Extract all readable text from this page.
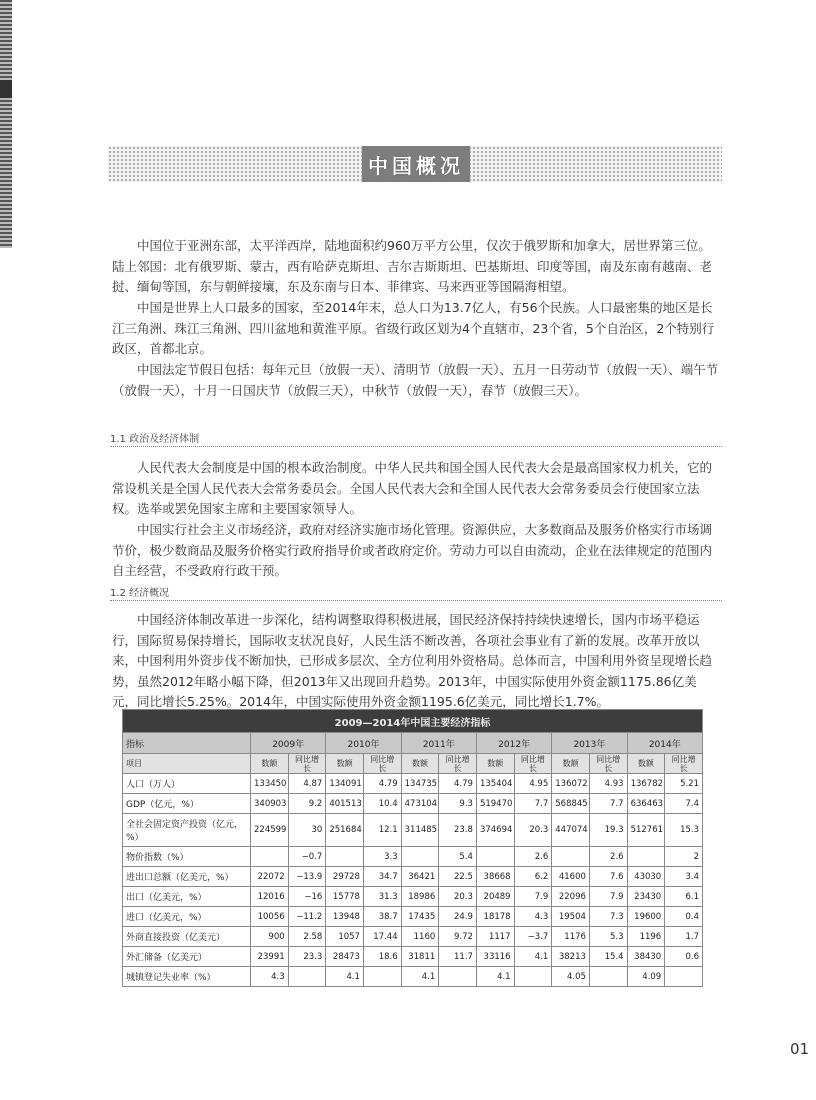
中国概况

中国位于亚洲东部，太平洋西岸，陆地面积约960万平方公里，仅次于俄罗斯和加拿大，居世界第三位。陆上邻国：北有俄罗斯、蒙古，西有哈萨克斯坦、吉尔吉斯斯坦、巴基斯坦、印度等国，南及东南有越南、老挝、缅甸等国，东与朝鲜接壤，东及东南与日本、菲律宾、马来西亚等国隔海相望。

中国是世界上人口最多的国家，至2014年末，总人口为13.7亿人，有56个民族。人口最密集的地区是长江三角洲、珠江三角洲、四川盆地和黄淮平原。省级行政区划为4个直辖市，23个省，5个自治区，2个特别行政区，首都北京。

中国法定节假日包括：每年元旦（放假一天）、清明节（放假一天）、五月一日劳动节（放假一天）、端午节（放假一天），十月一日国庆节（放假三天），中秋节（放假一天），春节（放假三天）。

1.1 政治及经济体制

人民代表大会制度是中国的根本政治制度。中华人民共和国全国人民代表大会是最高国家权力机关，它的常设机关是全国人民代表大会常务委员会。全国人民代表大会和全国人民代表大会常务委员会行使国家立法权。选举或罢免国家主席和主要国家领导人。

中国实行社会主义市场经济，政府对经济实施市场化管理。资源供应，大多数商品及服务价格实行市场调节价，极少数商品及服务价格实行政府指导价或者政府定价。劳动力可以自由流动，企业在法律规定的范围内自主经营，不受政府行政干预。

1.2 经济概况

中国经济体制改革进一步深化，结构调整取得积极进展，国民经济保持持续快速增长，国内市场平稳运行，国际贸易保持增长，国际收支状况良好，人民生活不断改善，各项社会事业有了新的发展。改革开放以来，中国利用外资步伐不断加快，已形成多层次、全方位利用外资格局。总体而言，中国利用外资呈现增长趋势，虽然2012年略小幅下降，但2013年又出现回升趋势。2013年，中国实际使用外资金额1175.86亿美元，同比增长5.25%。2014年，中国实际使用外资金额1195.6亿美元，同比增长1.7%。

2009—2014年中国主要经济指标												
指标	2009年		2010年		2011年		2012年		2013年		2014年	
项目	数额	同比增长	数额	同比增长	数额	同比增长	数额	同比增长	数额	同比增长	数额	同比增长
人口（万人）	133450	4.87	134091	4.79	134735	4.79	135404	4.95	136072	4.93	136782	5.21
GDP（亿元，%）	340903	9.2	401513	10.4	473104	9.3	519470	7.7	568845	7.7	636463	7.4
全社会固定资产投资（亿元，%）	224599	30	251684	12.1	311485	23.8	374694	20.3	447074	19.3	512761	15.3
物价指数（%）		−0.7		3.3		5.4		2.6		2.6		2
进出口总额（亿美元，%）	22072	−13.9	29728	34.7	36421	22.5	38668	6.2	41600	7.6	43030	3.4
出口（亿美元，%）	12016	−16	15778	31.3	18986	20.3	20489	7.9	22096	7.9	23430	6.1
进口（亿美元，%）	10056	−11.2	13948	38.7	17435	24.9	18178	4.3	19504	7.3	19600	0.4
外商直接投资（亿美元）	900	2.58	1057	17.44	1160	9.72	1117	−3.7	1176	5.3	1196	1.7
外汇储备（亿美元）	23991	23.3	28473	18.6	31811	11.7	33116	4.1	38213	15.4	38430	0.6
城镇登记失业率（%）	4.3		4.1		4.1		4.1		4.05		4.09	
01
